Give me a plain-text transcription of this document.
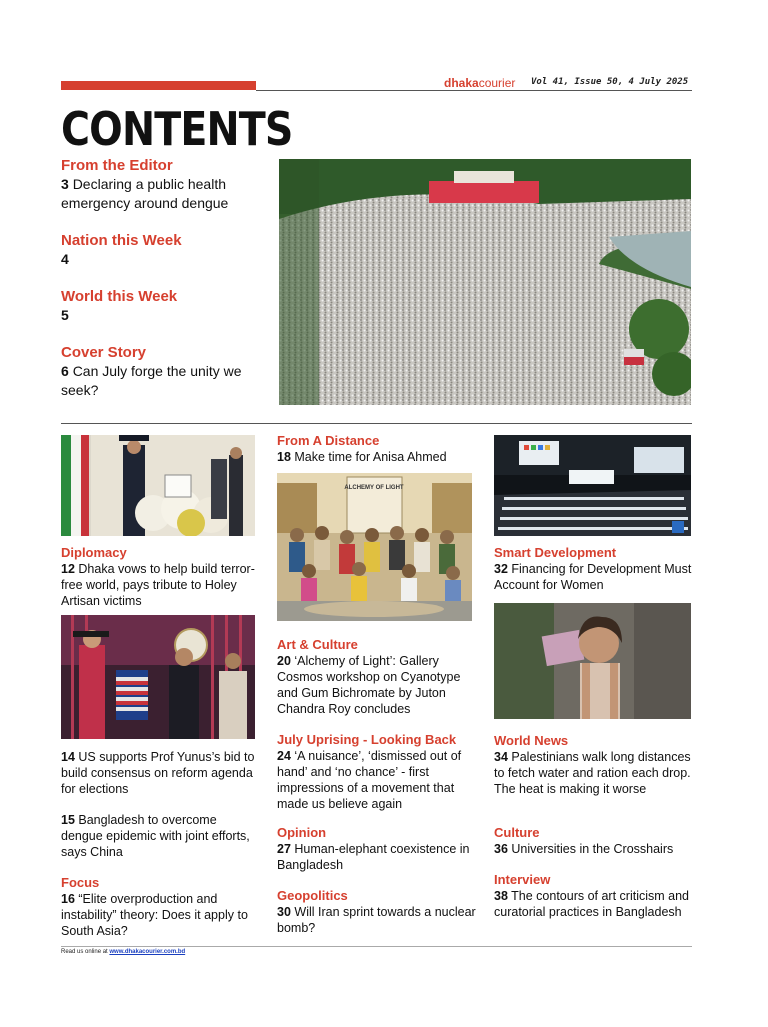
dhakacourier Vol 41, Issue 50, 4 July 2025
CONTENTS

From the Editor

3 Declaring a public health emergency around dengue

Nation this Week

4

World this Week

5

Cover Story

6 Can July forge the unity we seek?

Diplomacy

12 Dhaka vows to help build terror-free world, pays tribute to Holey Artisan victims

14 US supports Prof Yunus’s bid to build consensus on reform agenda for elections

15 Bangladesh to overcome dengue epidemic with joint efforts, says China

Focus

16 “Elite overproduction and instability” theory: Does it apply to South Asia?

From A Distance

18 Make time for Anisa Ahmed

ALCHEMY OF LIGHT

Art & Culture

20 ‘Alchemy of Light’: Gallery Cosmos workshop on Cyanotype and Gum Bichromate by Juton Chandra Roy concludes

July Uprising - Looking Back

24 ‘A nuisance’, ‘dismissed out of hand’ and ‘no chance’ - first impressions of a movement that made us believe again

Opinion

27 Human-elephant coexistence in Bangladesh

Geopolitics

30 Will Iran sprint towards a nuclear bomb?

Smart Development

32 Financing for Development Must Account for Women

World News

34 Palestinians walk long distances to fetch water and ration each drop. The heat is making it worse

Culture

36 Universities in the Crosshairs

Interview

38 The contours of art criticism and curatorial practices in Bangladesh

Read us online at www.dhakacourier.com.bd
